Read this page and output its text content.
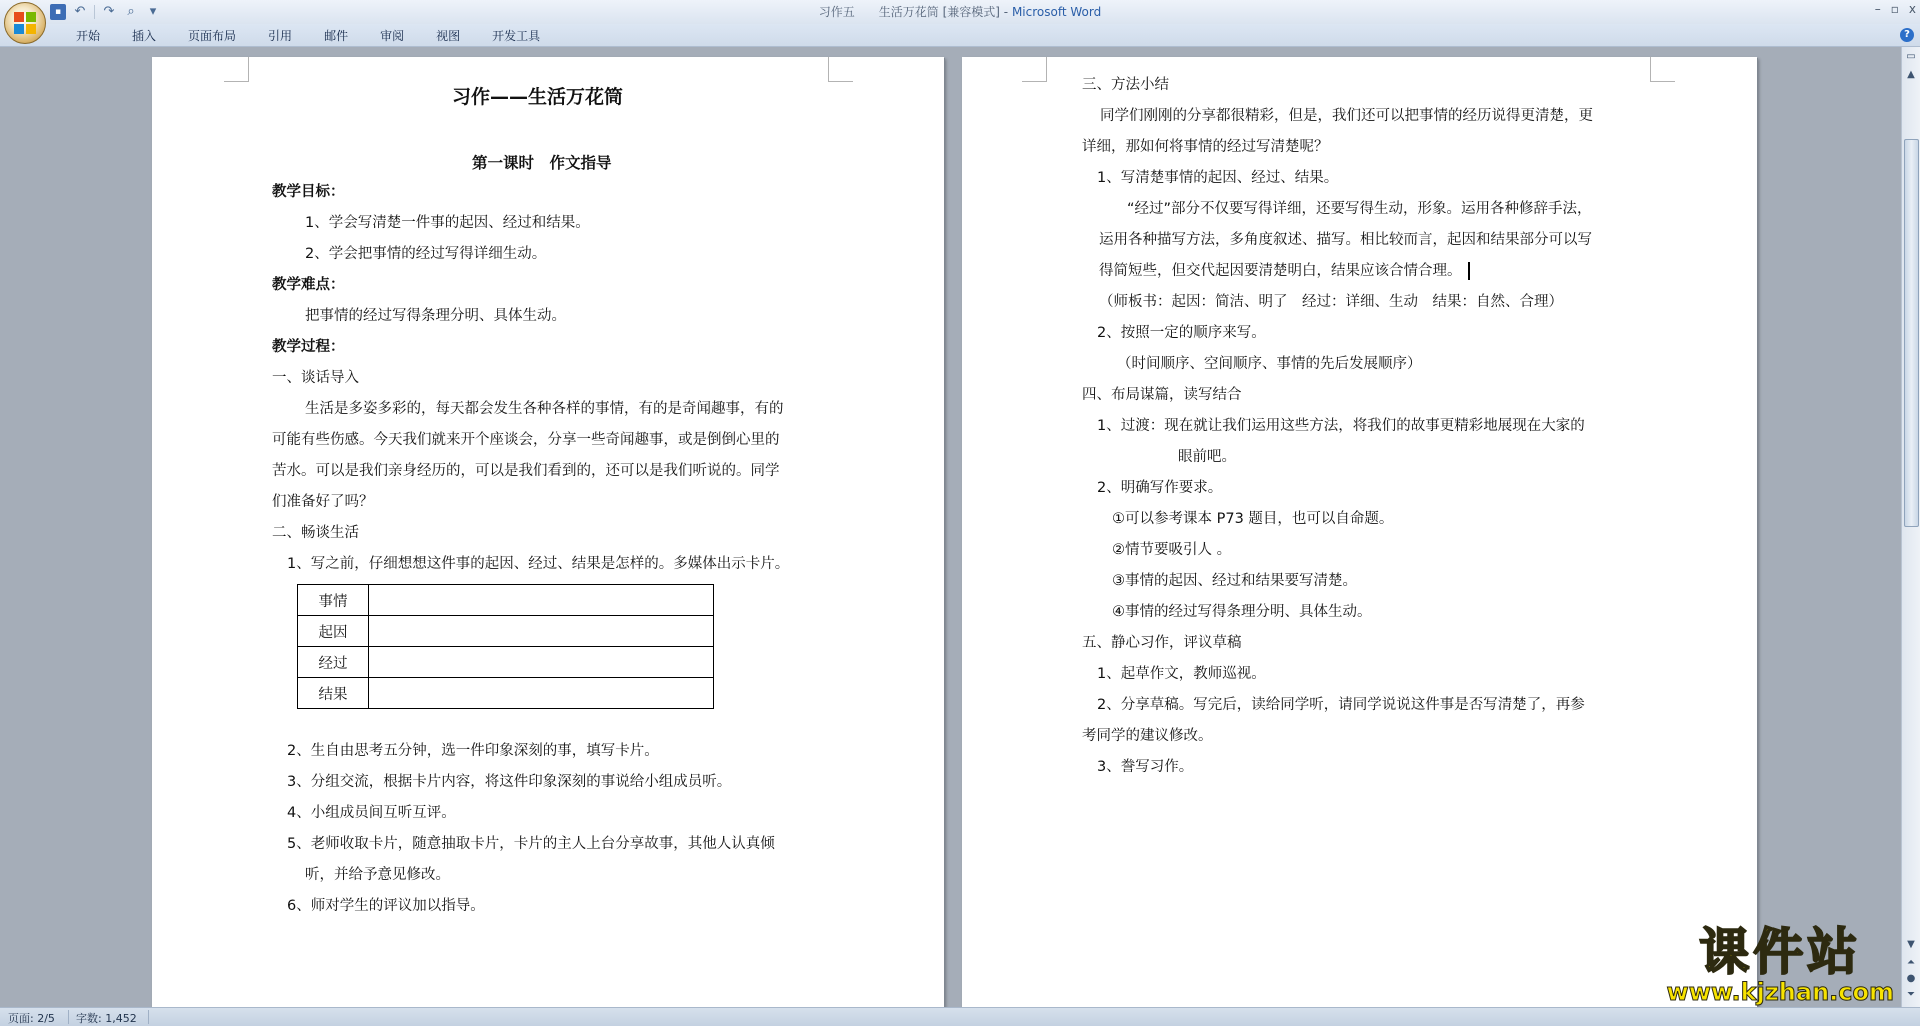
▪	↶ ↷ ⌕	▾	习作五　　生活万花筒 [兼容模式] - Microsoft Word	– ▫ x
开始	插入	页面布局	引用	邮件	审阅	视图	开发工具	?
习作——生活万花筒
第一课时　作文指导
教学目标：
1、学会写清楚一件事的起因、经过和结果。
2、学会把事情的经过写得详细生动。
教学难点：
把事情的经过写得条理分明、具体生动。
教学过程：
一、谈话导入
生活是多姿多彩的，每天都会发生各种各样的事情，有的是奇闻趣事，有的
可能有些伤感。今天我们就来开个座谈会，分享一些奇闻趣事，或是倒倒心里的
苦水。可以是我们亲身经历的，可以是我们看到的，还可以是我们听说的。同学
们准备好了吗？
二、畅谈生活
1、写之前，仔细想想这件事的起因、经过、结果是怎样的。多媒体出示卡片。
事情	
起因	
经过	
结果	
2、生自由思考五分钟，选一件印象深刻的事，填写卡片。
3、分组交流，根据卡片内容，将这件印象深刻的事说给小组成员听。
4、小组成员间互听互评。
5、老师收取卡片，随意抽取卡片，卡片的主人上台分享故事，其他人认真倾
听，并给予意见修改。
6、师对学生的评议加以指导。
三、方法小结
同学们刚刚的分享都很精彩，但是，我们还可以把事情的经历说得更清楚，更
详细，那如何将事情的经过写清楚呢？
1、写清楚事情的起因、经过、结果。
“经过”部分不仅要写得详细，还要写得生动，形象。运用各种修辞手法，
运用各种描写方法，多角度叙述、描写。相比较而言，起因和结果部分可以写
得简短些，但交代起因要清楚明白，结果应该合情合理。
（师板书：起因：简洁、明了　经过：详细、生动　结果：自然、合理）
2、按照一定的顺序来写。
（时间顺序、空间顺序、事情的先后发展顺序）
四、布局谋篇，读写结合
1、过渡：现在就让我们运用这些方法，将我们的故事更精彩地展现在大家的
眼前吧。
2、明确写作要求。
①可以参考课本 P73 题目，也可以自命题。
②情节要吸引人 。
③事情的起因、经过和结果要写清楚。
④事情的经过写得条理分明、具体生动。
五、静心习作，评议草稿
1、起草作文，教师巡视。
2、分享草稿。写完后，读给同学听，请同学说说这件事是否写清楚了，再参
考同学的建议修改。
3、誊写习作。
▭
▲
▼
⏶
●
⏷
课件站
www.kjzhan.com
页面: 2/5 字数: 1,452
